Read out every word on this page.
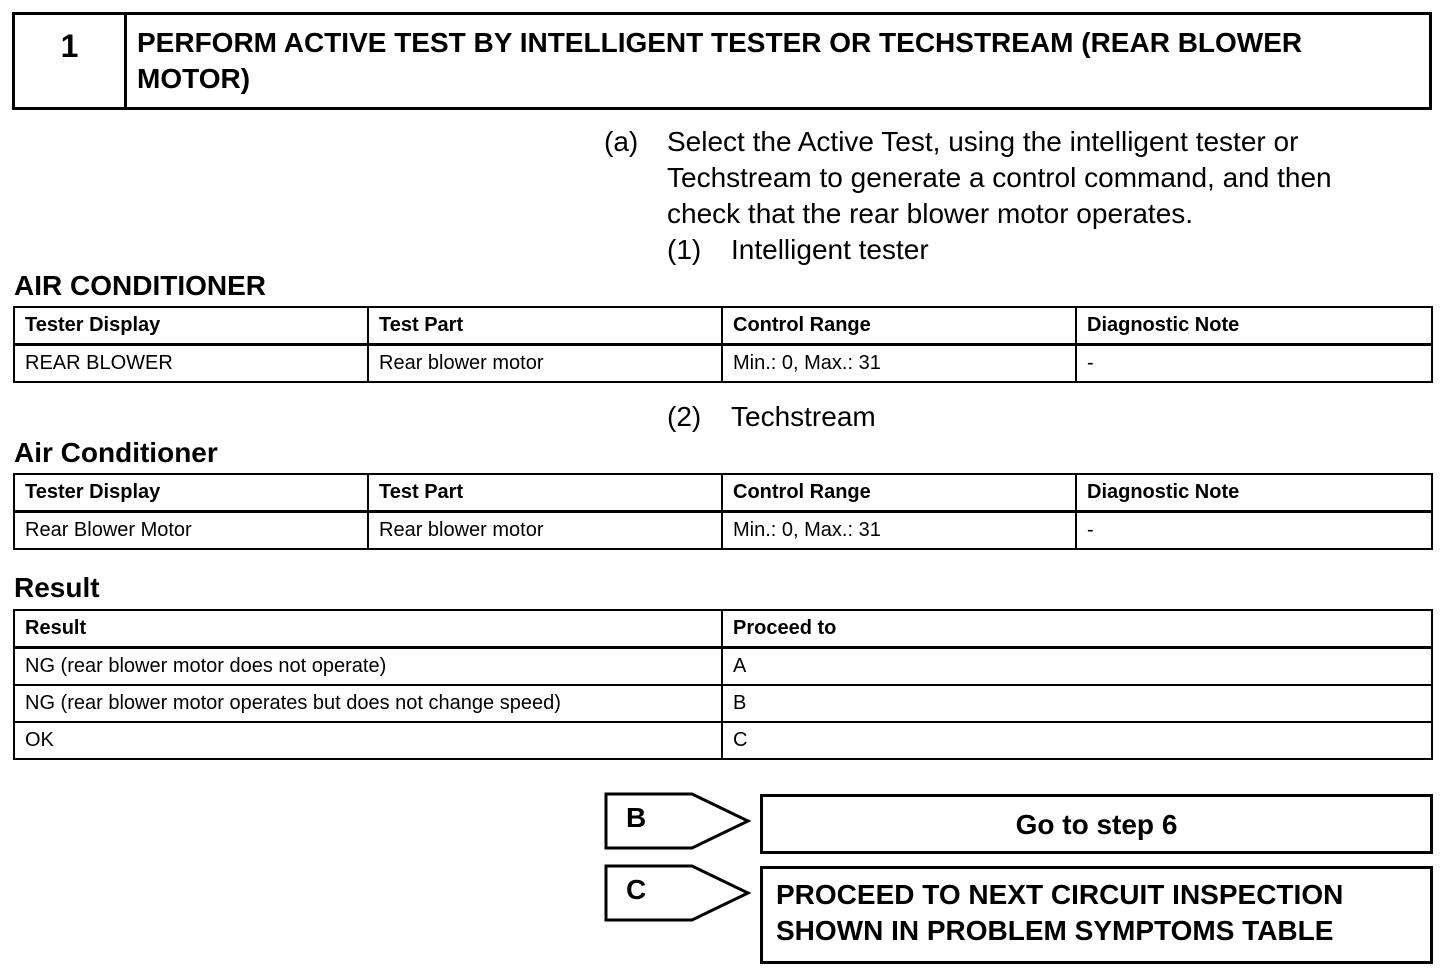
1	PERFORM ACTIVE TEST BY INTELLIGENT TESTER OR TECHSTREAM (REAR BLOWER MOTOR)
(a) Select the Active Test, using the intelligent tester or Techstream to generate a control command, and then check that the rear blower motor operates.
(1) Intelligent tester
AIR CONDITIONER
Tester Display	Test Part	Control Range	Diagnostic Note
REAR BLOWER	Rear blower motor	Min.: 0, Max.: 31	-
(2) Techstream
Air Conditioner
Tester Display	Test Part	Control Range	Diagnostic Note
Rear Blower Motor	Rear blower motor	Min.: 0, Max.: 31	-
Result
Result	Proceed to
NG (rear blower motor does not operate)	A
NG (rear blower motor operates but does not change speed)	B
OK	C
B	Go to step 6
C	PROCEED TO NEXT CIRCUIT INSPECTION
SHOWN IN PROBLEM SYMPTOMS TABLE
